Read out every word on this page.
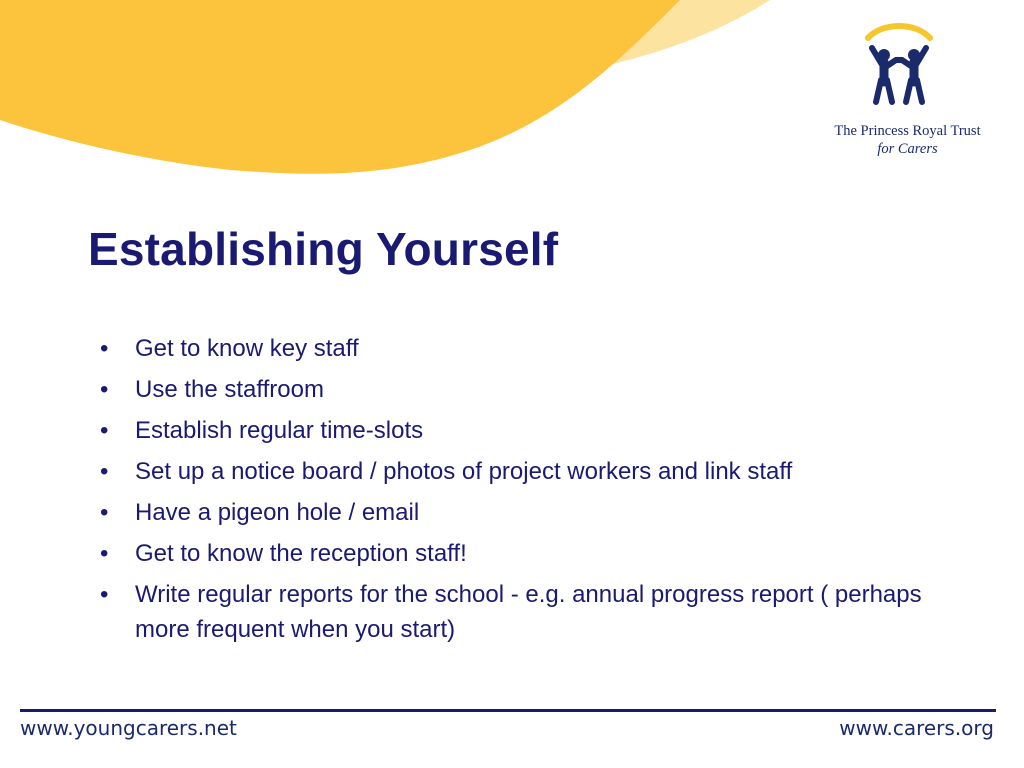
The Princess Royal Trust
for Carers
Establishing Yourself
• Get to know key staff
• Use the staffroom
• Establish regular time-slots
• Set up a notice board / photos of project workers and link staff
• Have a pigeon hole / email
• Get to know the reception staff!
• Write regular reports for the school - e.g. annual progress report ( perhaps more frequent when you start)
www.youngcarers.net	www.carers.org
